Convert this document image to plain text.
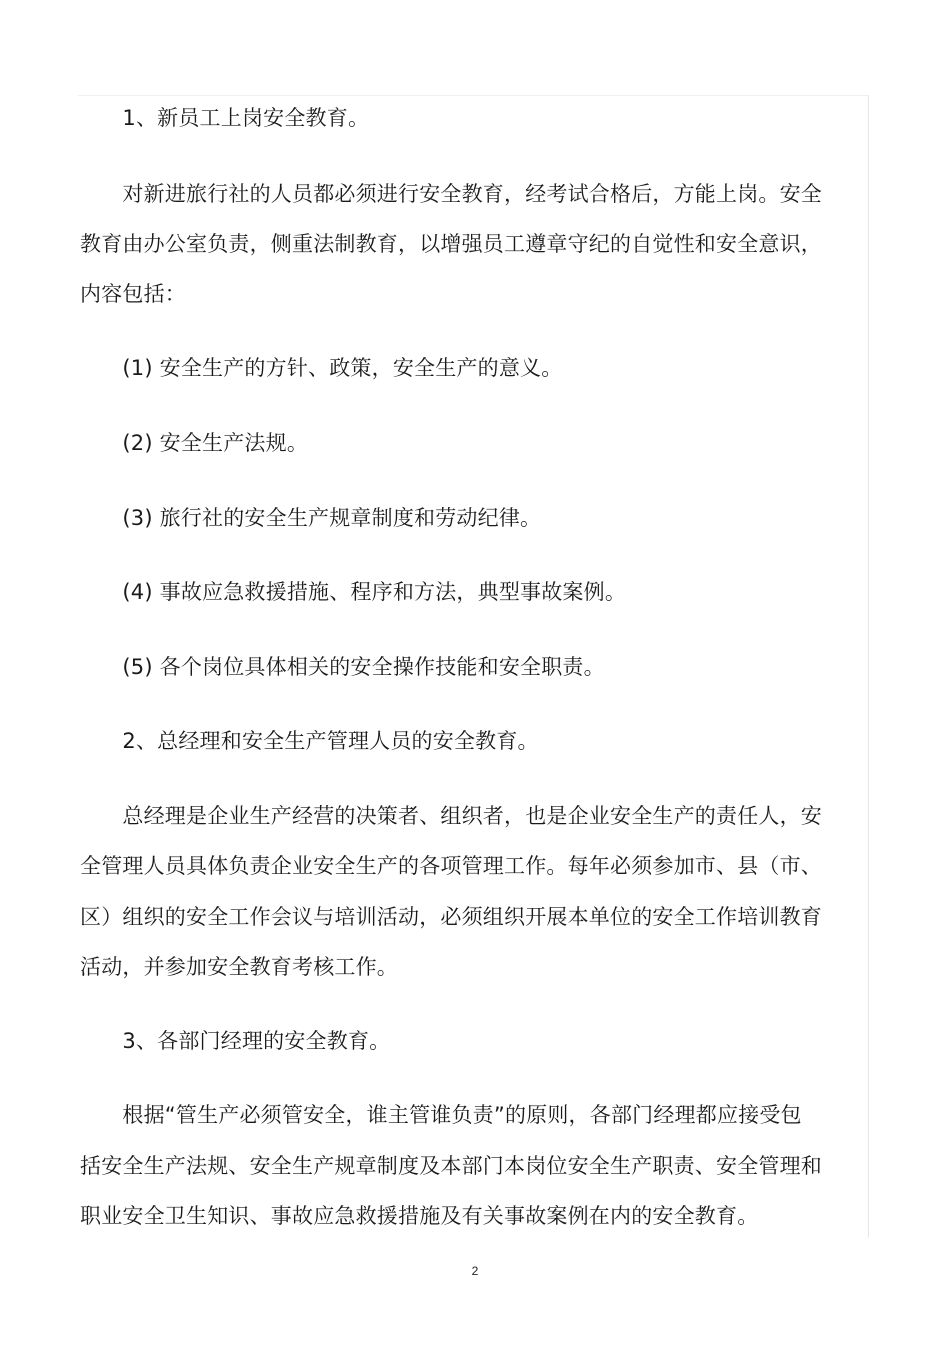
　　1、新员工上岗安全教育。
　　对新进旅行社的人员都必须进行安全教育，经考试合格后，方能上岗。安全
教育由办公室负责，侧重法制教育，以增强员工遵章守纪的自觉性和安全意识，
内容包括：
　　(1) 安全生产的方针、政策，安全生产的意义。
　　(2) 安全生产法规。
　　(3) 旅行社的安全生产规章制度和劳动纪律。
　　(4) 事故应急救援措施、程序和方法，典型事故案例。
　　(5) 各个岗位具体相关的安全操作技能和安全职责。
　　2、总经理和安全生产管理人员的安全教育。
　　总经理是企业生产经营的决策者、组织者，也是企业安全生产的责任人，安
全管理人员具体负责企业安全生产的各项管理工作。每年必须参加市、县（市、
区）组织的安全工作会议与培训活动，必须组织开展本单位的安全工作培训教育
活动，并参加安全教育考核工作。
　　3、各部门经理的安全教育。
　　根据“管生产必须管安全，谁主管谁负责”的原则，各部门经理都应接受包
括安全生产法规、安全生产规章制度及本部门本岗位安全生产职责、安全管理和
职业安全卫生知识、事故应急救援措施及有关事故案例在内的安全教育。
2
